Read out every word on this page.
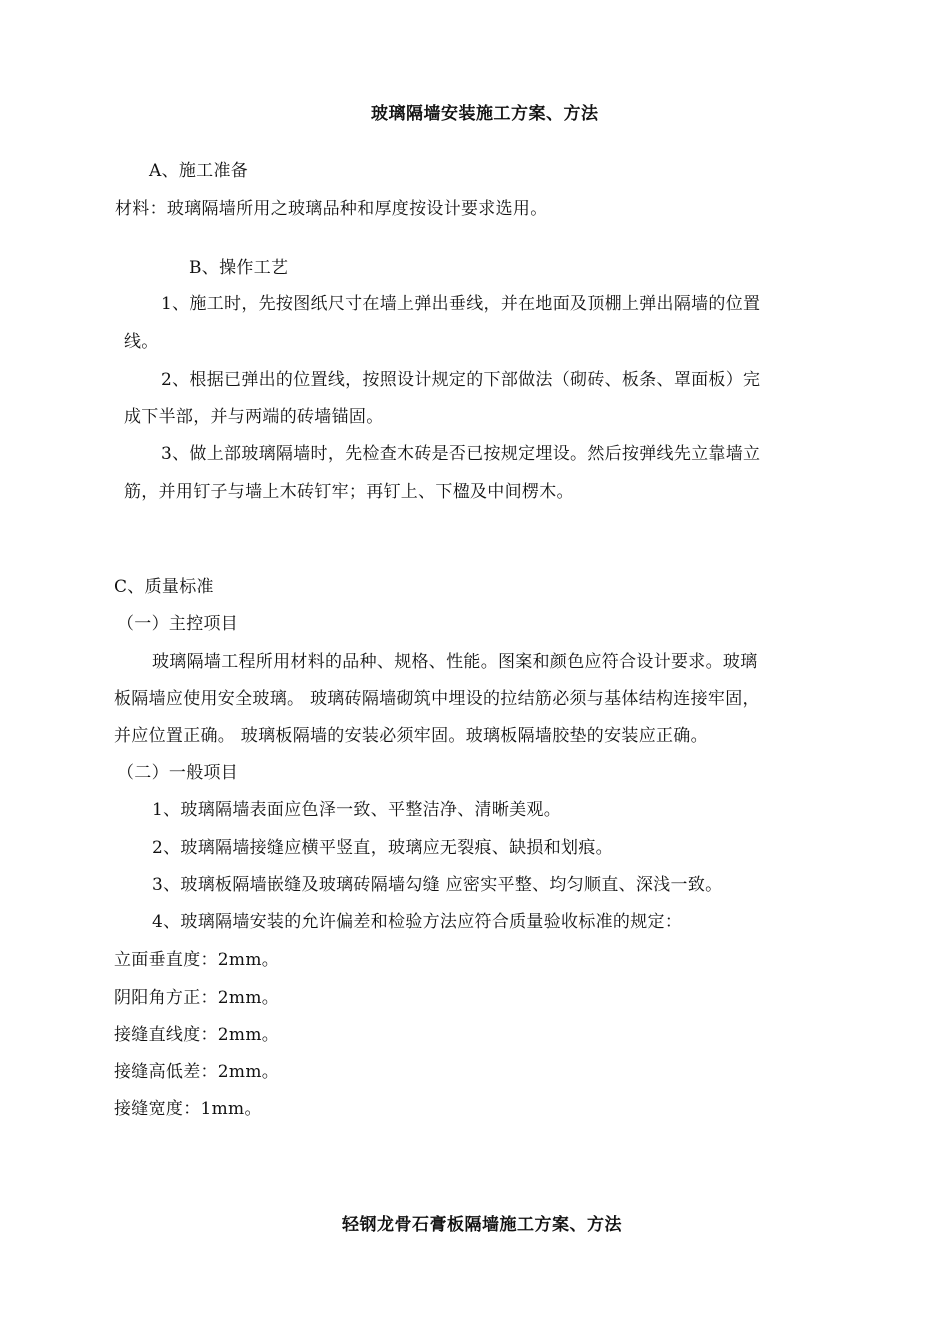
玻璃隔墙安装施工方案、方法
A、施工准备
材料：玻璃隔墙所用之玻璃品种和厚度按设计要求选用。
B、操作工艺
1、施工时，先按图纸尺寸在墙上弹出垂线，并在地面及顶棚上弹出隔墙的位置
线。
2、根据已弹出的位置线，按照设计规定的下部做法（砌砖、板条、罩面板）完
成下半部，并与两端的砖墙锚固。
3、做上部玻璃隔墙时，先检查木砖是否已按规定埋设。然后按弹线先立靠墙立
筋，并用钉子与墙上木砖钉牢；再钉上、下楹及中间楞木。
C、质量标准
（一）主控项目
玻璃隔墙工程所用材料的品种、规格、性能。图案和颜色应符合设计要求。玻璃
板隔墙应使用安全玻璃。 玻璃砖隔墙砌筑中埋设的拉结筋必须与基体结构连接牢固，
并应位置正确。 玻璃板隔墙的安装必须牢固。玻璃板隔墙胶垫的安装应正确。
（二）一般项目
1、玻璃隔墙表面应色泽一致、平整洁净、清晰美观。
2、玻璃隔墙接缝应横平竖直，玻璃应无裂痕、缺损和划痕。
3、玻璃板隔墙嵌缝及玻璃砖隔墙勾缝 应密实平整、均匀顺直、深浅一致。
4、玻璃隔墙安装的允许偏差和检验方法应符合质量验收标准的规定：
立面垂直度：2mm。
阴阳角方正：2mm。
接缝直线度：2mm。
接缝高低差：2mm。
接缝宽度：1mm。
轻钢龙骨石膏板隔墙施工方案、方法
